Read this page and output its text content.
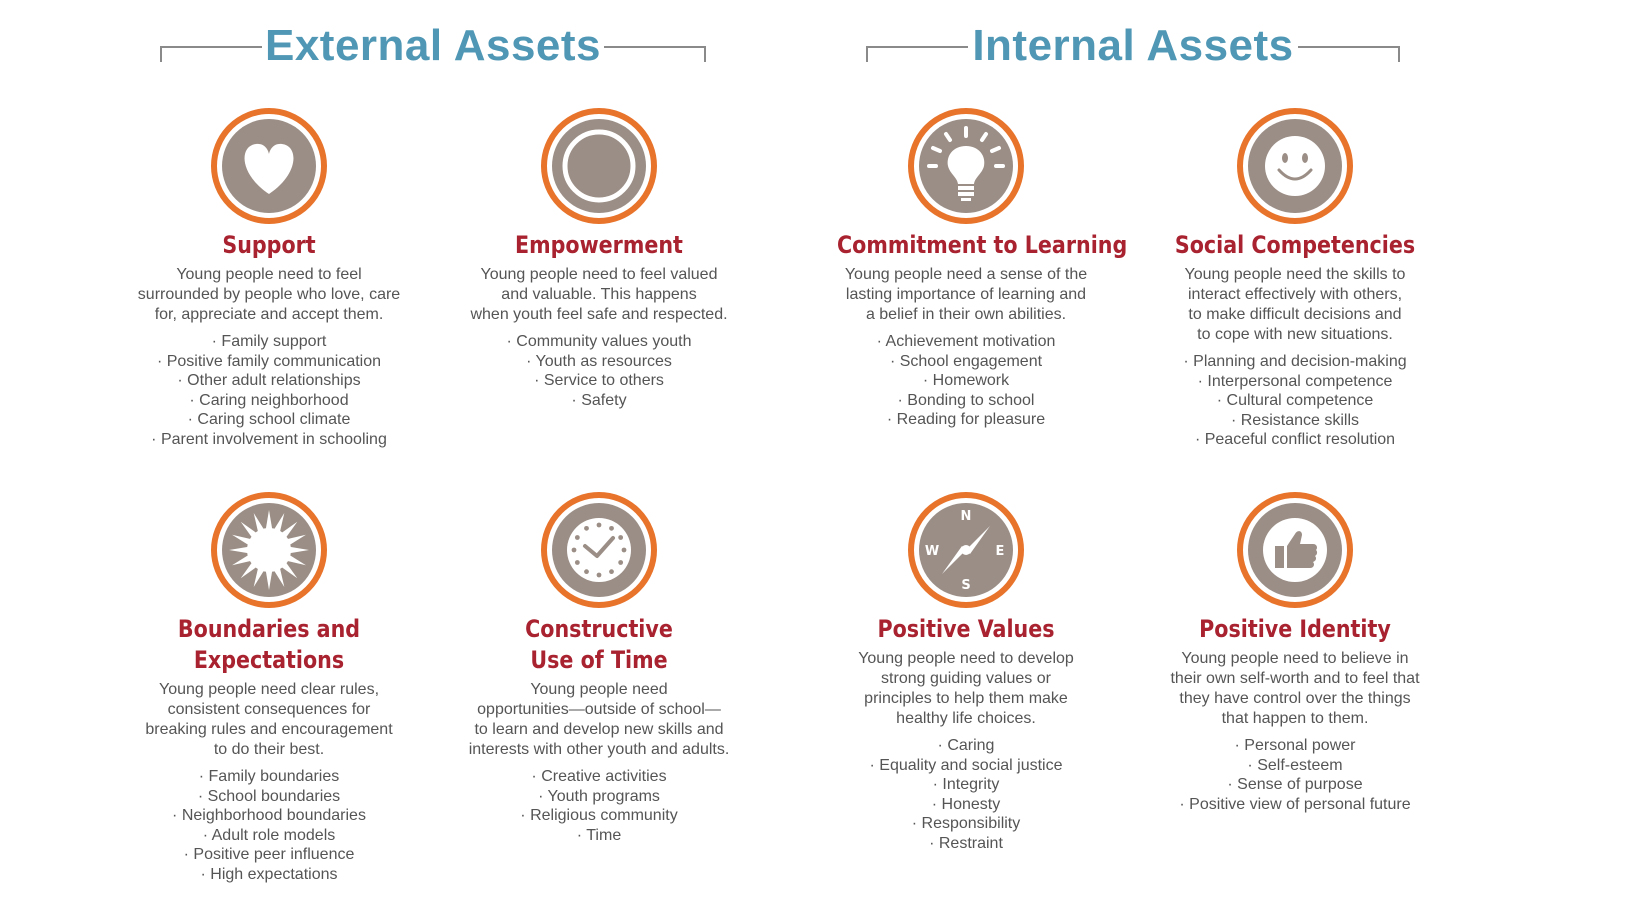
External Assets	Internal Assets
Support
Young people need to feel
surrounded by people who love, care
for, appreciate and accept them.
· Family support
· Positive family communication
· Other adult relationships
· Caring neighborhood
· Caring school climate
· Parent involvement in schooling
Empowerment
Young people need to feel valued
and valuable. This happens
when youth feel safe and respected.
· Community values youth
· Youth as resources
· Service to others
· Safety
Commitment to Learning
Young people need a sense of the
lasting importance of learning and
a belief in their own abilities.
· Achievement motivation
· School engagement
· Homework
· Bonding to school
· Reading for pleasure
Social Competencies
Young people need the skills to
interact effectively with others,
to make difficult decisions and
to cope with new situations.
· Planning and decision-making
· Interpersonal competence
· Cultural competence
· Resistance skills
· Peaceful conflict resolution
Boundaries and
Expectations
Young people need clear rules,
consistent consequences for
breaking rules and encouragement
to do their best.
· Family boundaries
· School boundaries
· Neighborhood boundaries
· Adult role models
· Positive peer influence
· High expectations
Constructive
Use of Time
Young people need
opportunities—outside of school—
to learn and develop new skills and
interests with other youth and adults.
· Creative activities
· Youth programs
· Religious community
· Time
N
S
E
W
Positive Values
Young people need to develop
strong guiding values or
principles to help them make
healthy life choices.
· Caring
· Equality and social justice
· Integrity
· Honesty
· Responsibility
· Restraint
Positive Identity
Young people need to believe in
their own self-worth and to feel that
they have control over the things
that happen to them.
· Personal power
· Self-esteem
· Sense of purpose
· Positive view of personal future
